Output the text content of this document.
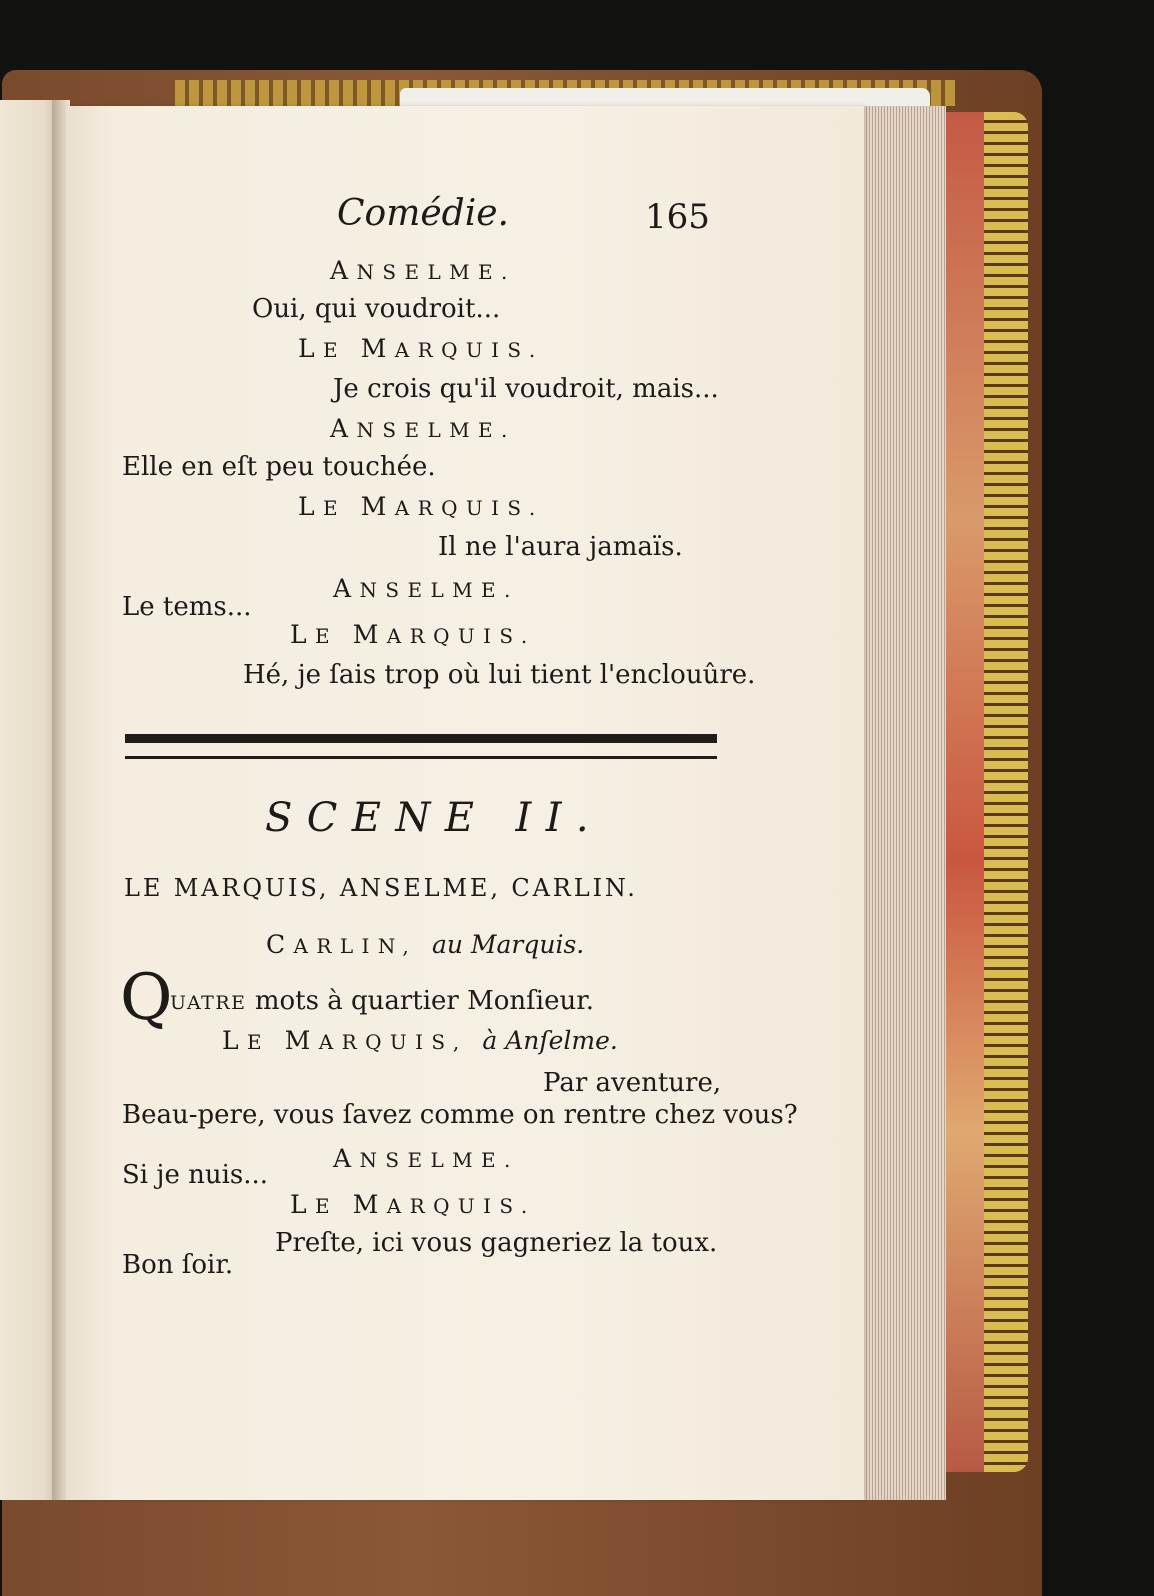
Comédie.	165
ANSELME.
Oui, qui voudroit...
LE MARQUIS.
Je crois qu'il voudroit, mais...
ANSELME.
Elle en eſt peu touchée.
LE MARQUIS.
Il ne l'aura jamaïs.
ANSELME.
Le tems...
LE MARQUIS.
Hé, je ſais trop où lui tient l'enclouûre.
SCENE II.
LE MARQUIS, ANSELME, CARLIN.
CARLIN, au Marquis.
Q
UATRE mots à quartier Monſieur.
LE MARQUIS, à Anſelme.
Par aventure,
Beau-pere, vous ſavez comme on rentre chez vous?
ANSELME.
Si je nuis...
LE MARQUIS.
Preſte, ici vous gagneriez la toux.
Bon ſoir.
